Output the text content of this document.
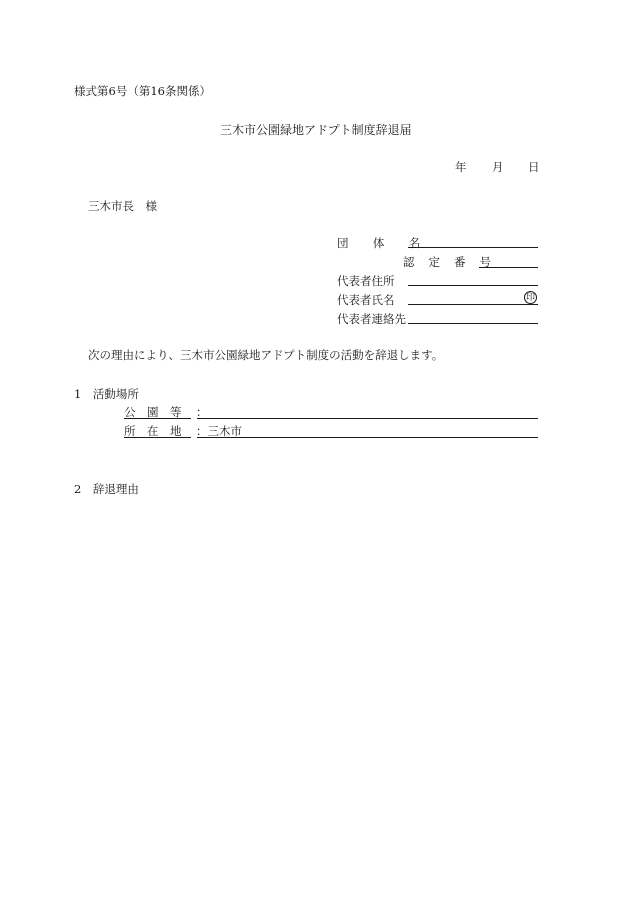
様式第6号（第16条関係）
三木市公園緑地アドプト制度辞退届
年 月 日
三木市長　様
団 体 名
認 定 番 号
代表者住所
代表者氏名	印
代表者連絡先
次の理由により、三木市公園緑地アドプト制度の活動を辞退します。
1　活動場所
公　園　等 ：
所　在　地 ：三木市
2　辞退理由
